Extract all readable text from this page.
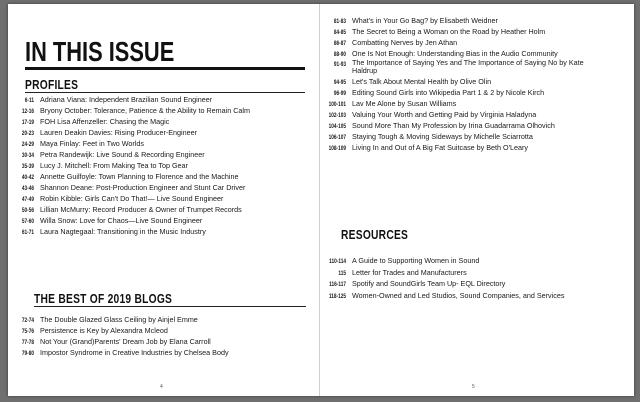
IN THIS ISSUE
PROFILES
6-11 Adriana Viana: Independent Brazilian Sound Engineer
12-16 Bryony October: Tolerance, Patience & the Ability to Remain Calm
17-19 FOH Lisa Affenzeller: Chasing the Magic
20-23 Lauren Deakin Davies: Rising Producer-Engineer
24-29 Maya Finlay: Feet in Two Worlds
30-34 Petra Randewijk: Live Sound & Recording Engineer
35-39 Lucy J. Mitchell: From Making Tea to Top Gear
40-42 Annette Guilfoyle: Town Planning to Florence and the Machine
43-46 Shannon Deane: Post-Production Engineer and Stunt Car Driver
47-49 Robin Kibble: Girls Can't Do That!— Live Sound Engineer
50-56 Lillian McMurry: Record Producer & Owner of Trumpet Records
57-60 Willa Snow: Love for Chaos—Live Sound Engineer
61-71 Laura Nagtegaal: Transitioning in the Music Industry
THE BEST OF 2019 BLOGS
72-74 The Double Glazed Glass Ceiling by Ainjel Emme
75-76 Persistence is Key by Alexandra Mcleod
77-78 Not Your (Grand)Parents' Dream Job by Elana Carroll
79-80 Impostor Syndrome in Creative Industries by Chelsea Body
4
81-83 What's in Your Go Bag? by Elisabeth Weidner
84-85 The Secret to Being a Woman on the Road by Heather Holm
86-87 Combatting Nerves by Jen Athan
88-90 One Is Not Enough: Understanding Bias in the Audio Community
91-93 The Importance of Saying Yes and The Importance of Saying No by Kate Haldrup
94-95 Let's Talk About Mental Health by Olive Olin
96-99 Editing Sound Girls into Wikipedia Part 1 & 2 by Nicole Kirch
100-101 Lav Me Alone by Susan Williams
102-103 Valuing Your Worth and Getting Paid by Virginia Haladyna
104-105 Sound More Than My Profession by Irina Guadarrama Olhovich
106-107 Staying Tough & Moving Sideways by Michelle Sciarrotta
108-109 Living In and Out of A Big Fat Suitcase by Beth O'Leary
RESOURCES
110-114 A Guide to Supporting Women in Sound
115 Letter for Trades and Manufacturers
116-117 Spotify and SoundGirls Team Up- EQL Directory
118-125 Women-Owned and Led Studios, Sound Companies, and Services
5
